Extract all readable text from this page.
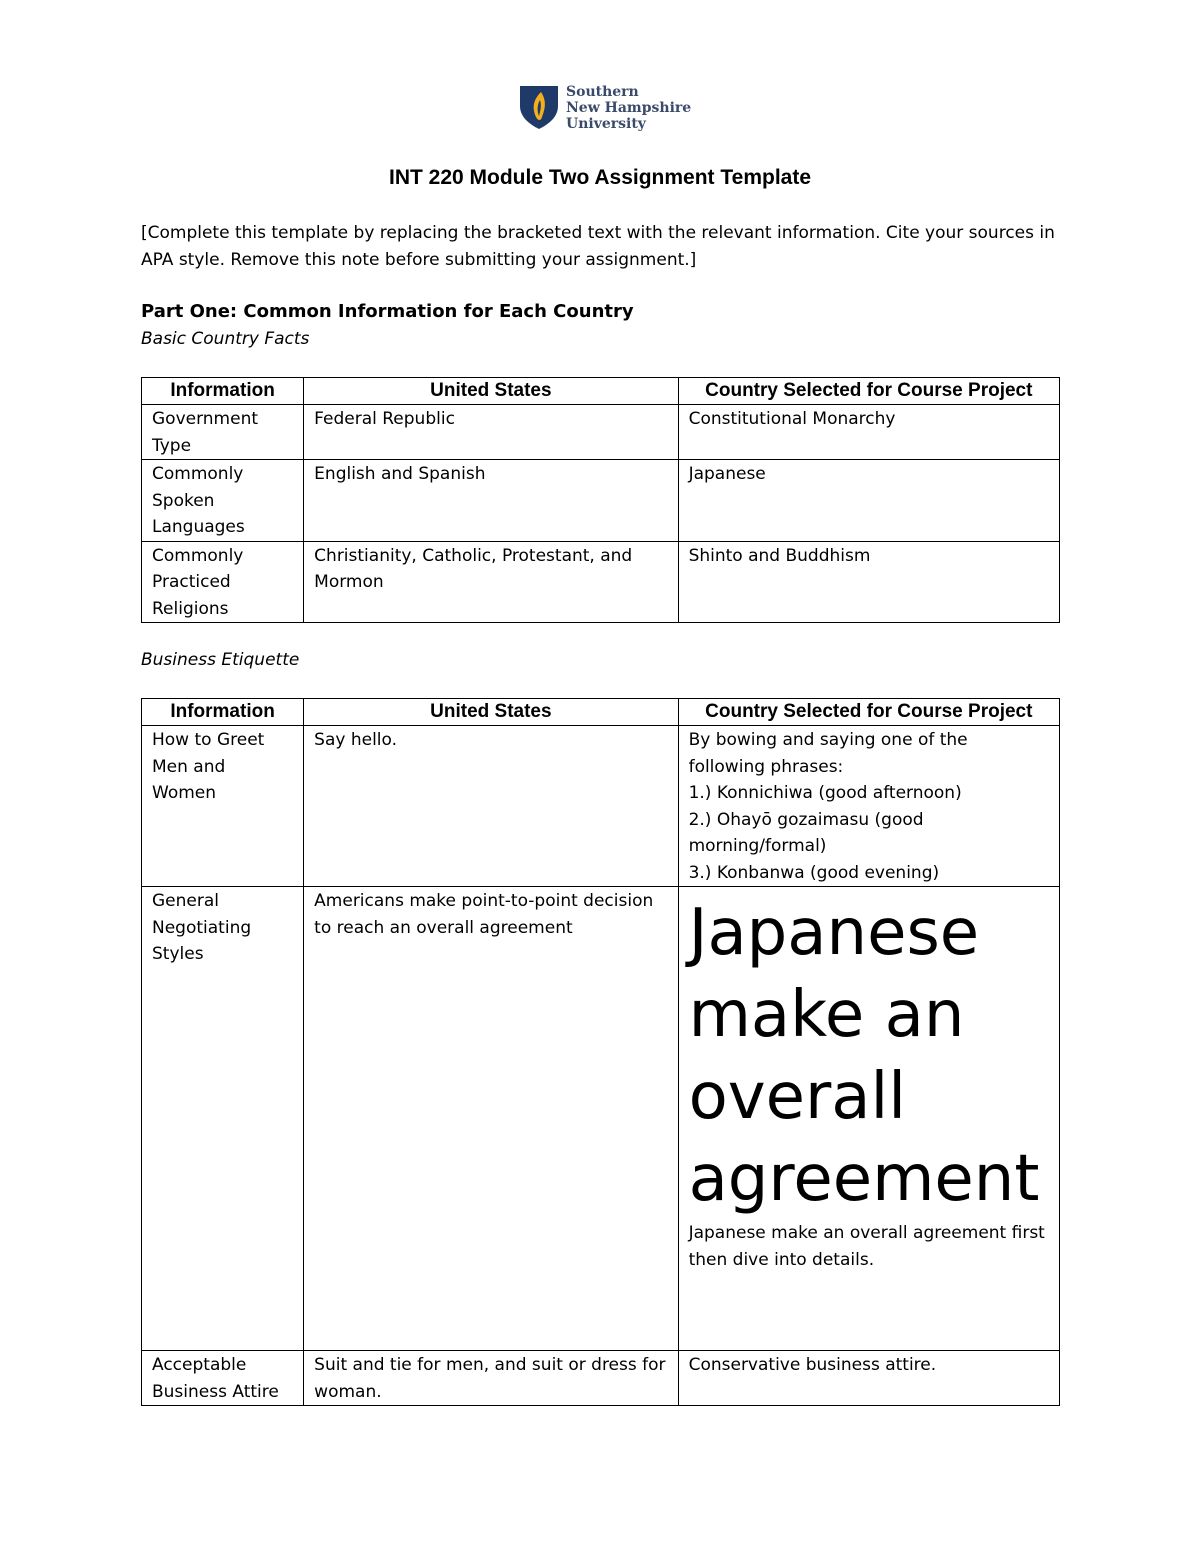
Southern
New Hampshire
University
INT 220 Module Two Assignment Template
[Complete this template by replacing the bracketed text with the relevant information. Cite your sources in APA style. Remove this note before submitting your assignment.]
Part One: Common Information for Each Country
Basic Country Facts
Information	United States	Country Selected for Course Project
Government Type	Federal Republic	Constitutional Monarchy
Commonly Spoken Languages	English and Spanish	Japanese
Commonly Practiced Religions	Christianity, Catholic, Protestant, and Mormon	Shinto and Buddhism
Business Etiquette
Information	United States	Country Selected for Course Project
How to Greet Men and Women	Say hello.	By bowing and saying one of the following phrases:
1.) Konnichiwa (good afternoon)
2.) Ohayō gozaimasu (good morning/formal)
3.) Konbanwa (good evening)

General Negotiating Styles	Americans make point-to-point decision to reach an overall agreement	Japanese make an overall agreement
Japanese make an overall agreement first then dive into details.

Acceptable Business Attire	Suit and tie for men, and suit or dress for woman.	Conservative business attire.
